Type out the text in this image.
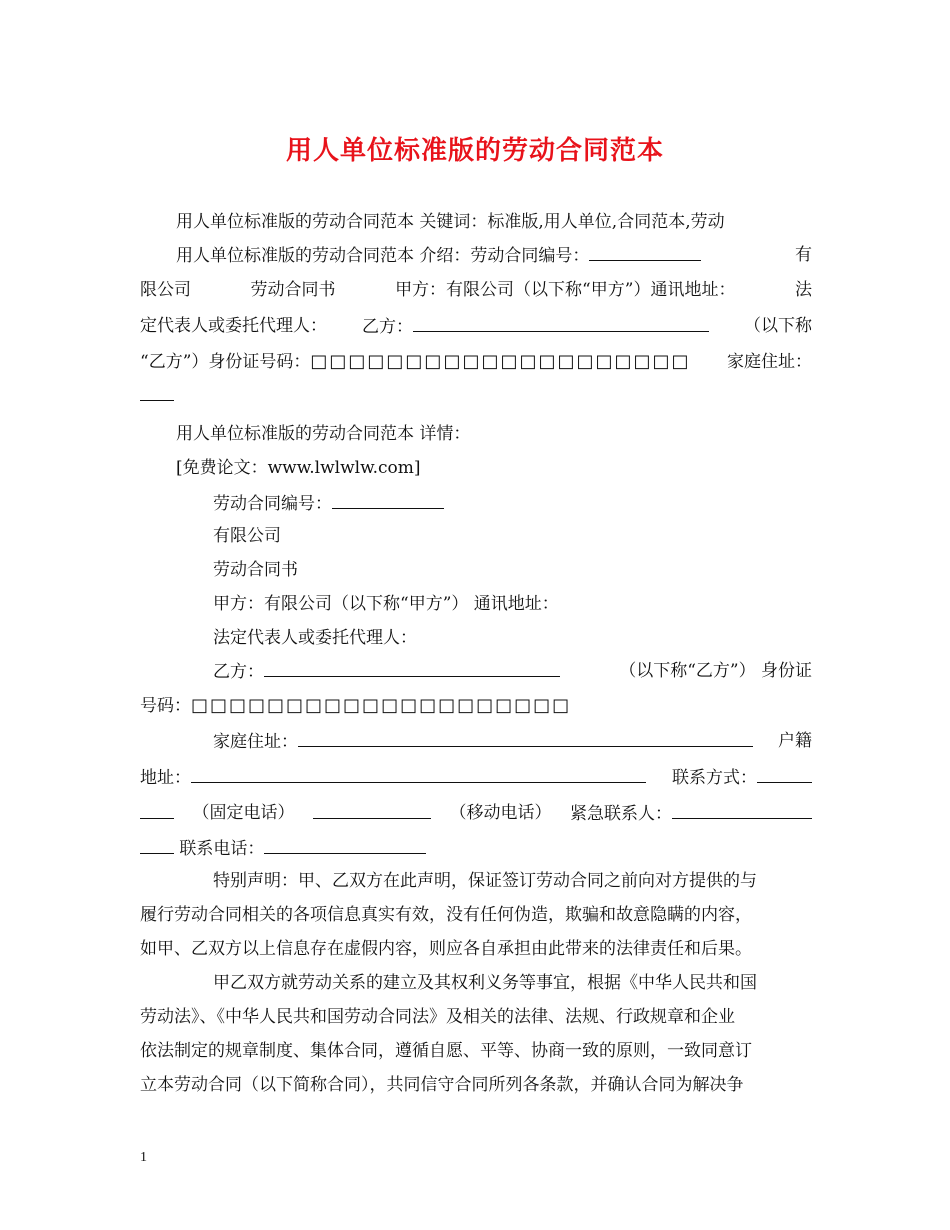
用人单位标准版的劳动合同范本
用人单位标准版的劳动合同范本 关键词：标准版,用人单位,合同范本,劳动
用人单位标准版的劳动合同范本 介绍：劳动合同编号：	有
限公司	劳动合同书	甲方：有限公司（以下称“甲方”）通讯地址：	法
定代表人或委托代理人： 乙方：	（以下称
“乙方”）身份证号码：□□□□□□□□□□□□□□□□□□□□ 家庭住址：
用人单位标准版的劳动合同范本 详情：
[免费论文：www.lwlwlw.com]
劳动合同编号：
有限公司
劳动合同书
甲方：有限公司（以下称“甲方”） 通讯地址：
法定代表人或委托代理人：
乙方：	（以下称“乙方”） 身份证
号码：□□□□□□□□□□□□□□□□□□□□
家庭住址：	户籍
地址：	联系方式：
（固定电话）	（移动电话） 紧急联系人：
联系电话：
特别声明：甲、乙双方在此声明，保证签订劳动合同之前向对方提供的与
履行劳动合同相关的各项信息真实有效，没有任何伪造，欺骗和故意隐瞒的内容，
如甲、乙双方以上信息存在虚假内容，则应各自承担由此带来的法律责任和后果。
甲乙双方就劳动关系的建立及其权利义务等事宜，根据《中华人民共和国
劳动法》、《中华人民共和国劳动合同法》及相关的法律、法规、行政规章和企业
依法制定的规章制度、集体合同，遵循自愿、平等、协商一致的原则，一致同意订
立本劳动合同（以下简称合同），共同信守合同所列各条款，并确认合同为解决争
1
